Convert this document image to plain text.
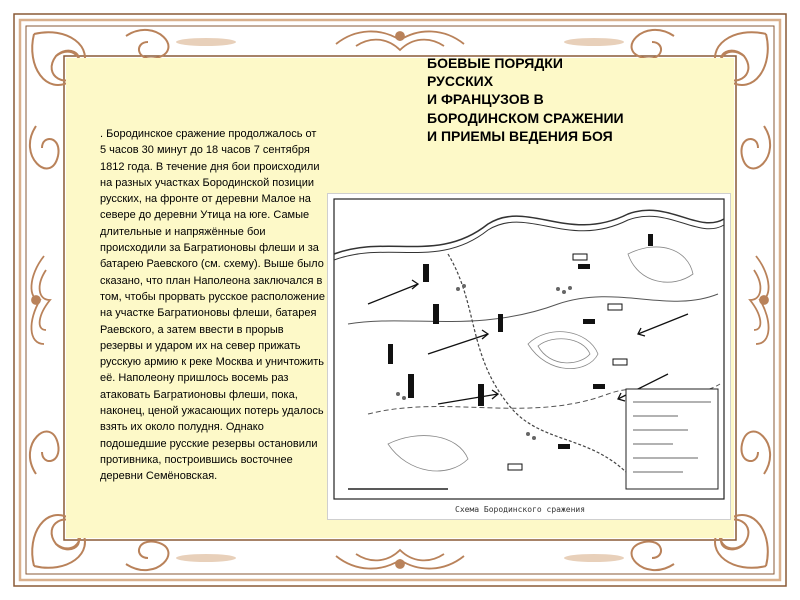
БОЕВЫЕ ПОРЯДКИ РУССКИХ
И ФРАНЦУЗОВ В
БОРОДИНСКОМ СРАЖЕНИИ
И ПРИЕМЫ ВЕДЕНИЯ БОЯ

. Бородинское сражение продолжалось от 5 часов 30 минут до 18 часов 7 сентября 1812 года. В течение дня бои происходили на разных участках Бородинской позиции русских, на фронте от деревни Малое на севере до деревни Утица на юге. Самые длительные и напряжённые бои происходили за Багратионовы флеши и за батарею Раевского (см. схему). Выше было сказано, что план Наполеона заключался в том, чтобы прорвать русское расположение на участке Багратионовы флеши, батарея Раевского, а затем ввести в прорыв резервы и ударом их на север прижать русскую армию к реке Москва и уничтожить её. Наполеону пришлось восемь раз атаковать Багратионовы флеши, пока, наконец, ценой ужасающих потерь удалось взять их около полудня. Однако подошедшие русские резервы остановили противника, построившись восточнее деревни Семёновская.

Схема Бородинского сражения
